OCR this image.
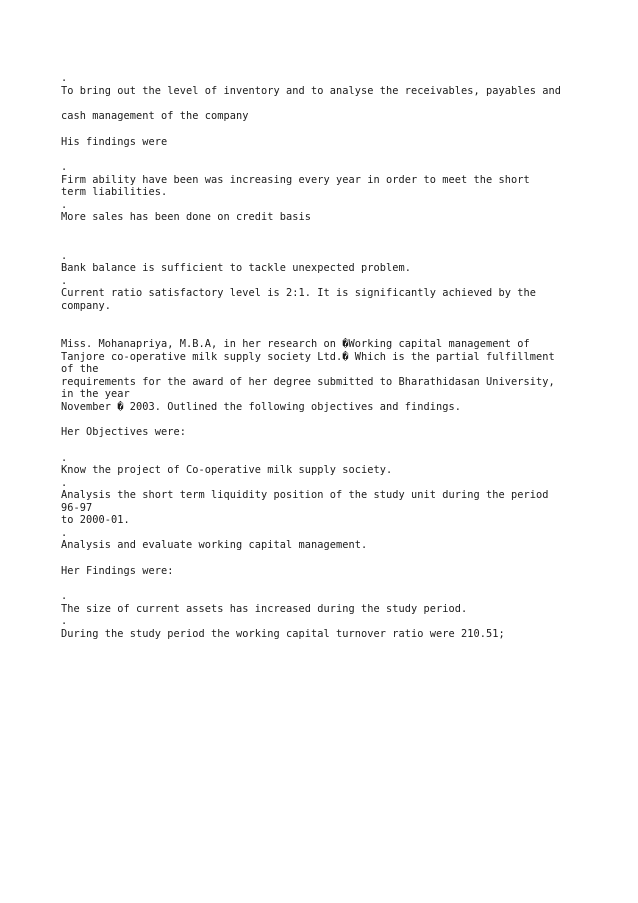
.
To bring out the level of inventory and to analyse the receivables, payables and
cash management of the company
His findings were
.
Firm ability have been was increasing every year in order to meet the short
term liabilities.
.
More sales has been done on credit basis
.
Bank balance is sufficient to tackle unexpected problem.
.
Current ratio satisfactory level is 2:1. It is significantly achieved by the
company.
Miss. Mohanapriya, M.B.A, in her research on �Working capital management of
Tanjore co-operative milk supply society Ltd.� Which is the partial fulfillment
of the
requirements for the award of her degree submitted to Bharathidasan University,
in the year
November � 2003. Outlined the following objectives and findings.
Her Objectives were:
.
Know the project of Co-operative milk supply society.
.
Analysis the short term liquidity position of the study unit during the period
96-97
to 2000-01.
.
Analysis and evaluate working capital management.
Her Findings were:
.
The size of current assets has increased during the study period.
.
During the study period the working capital turnover ratio were 210.51;
